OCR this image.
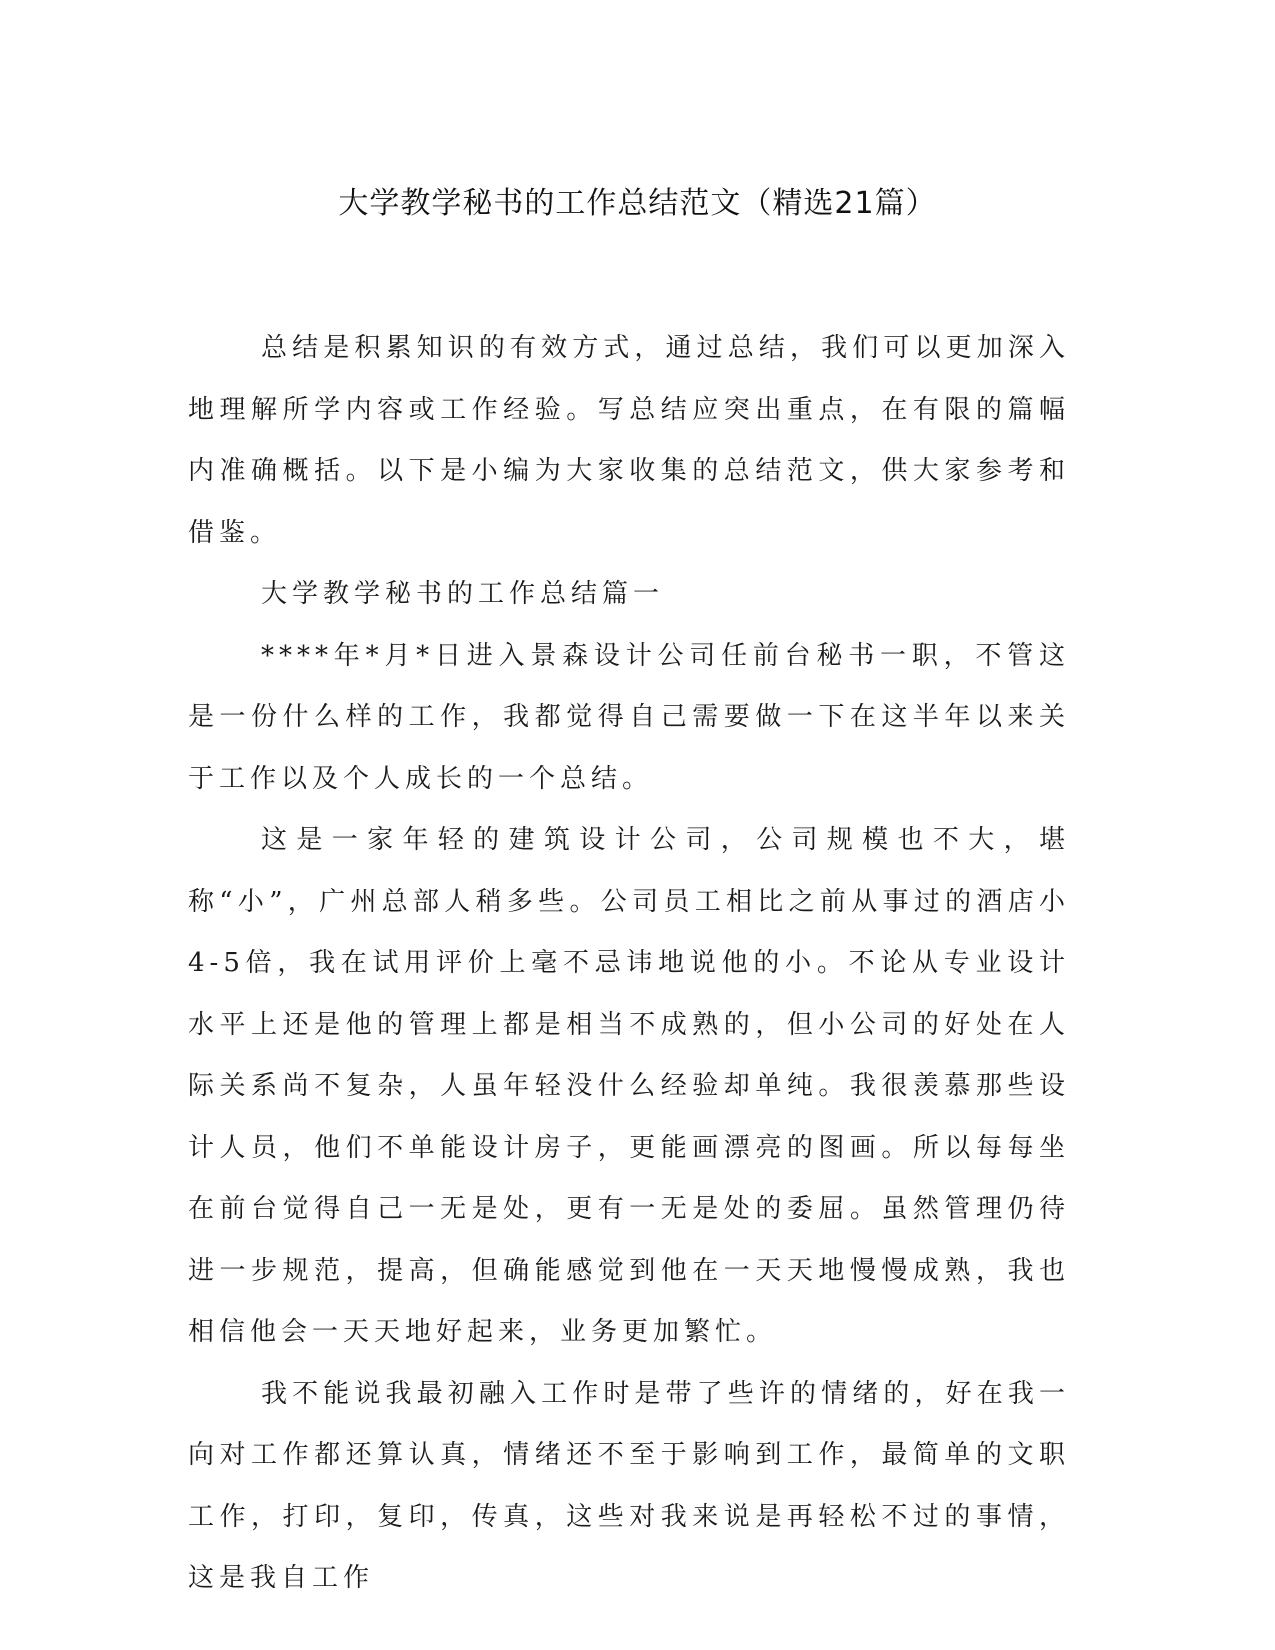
大学教学秘书的工作总结范文（精选21篇）

总结是积累知识的有效方式，通过总结，我们可以更加深入地理解所学内容或工作经验。写总结应突出重点，在有限的篇幅内准确概括。以下是小编为大家收集的总结范文，供大家参考和借鉴。

大学教学秘书的工作总结篇一

****年*月*日进入景森设计公司任前台秘书一职，不管这是一份什么样的工作，我都觉得自己需要做一下在这半年以来关于工作以及个人成长的一个总结。

这是一家年轻的建筑设计公司，公司规模也不大，堪称“小”，广州总部人稍多些。公司员工相比之前从事过的酒店小4-5倍，我在试用评价上毫不忌讳地说他的小。不论从专业设计水平上还是他的管理上都是相当不成熟的，但小公司的好处在人际关系尚不复杂，人虽年轻没什么经验却单纯。我很羡慕那些设计人员，他们不单能设计房子，更能画漂亮的图画。所以每每坐在前台觉得自己一无是处，更有一无是处的委屈。虽然管理仍待进一步规范，提高，但确能感觉到他在一天天地慢慢成熟，我也相信他会一天天地好起来，业务更加繁忙。

我不能说我最初融入工作时是带了些许的情绪的，好在我一向对工作都还算认真，情绪还不至于影响到工作，最简单的文职工作，打印，复印，传真，这些对我来说是再轻松不过的事情，这是我自工作
